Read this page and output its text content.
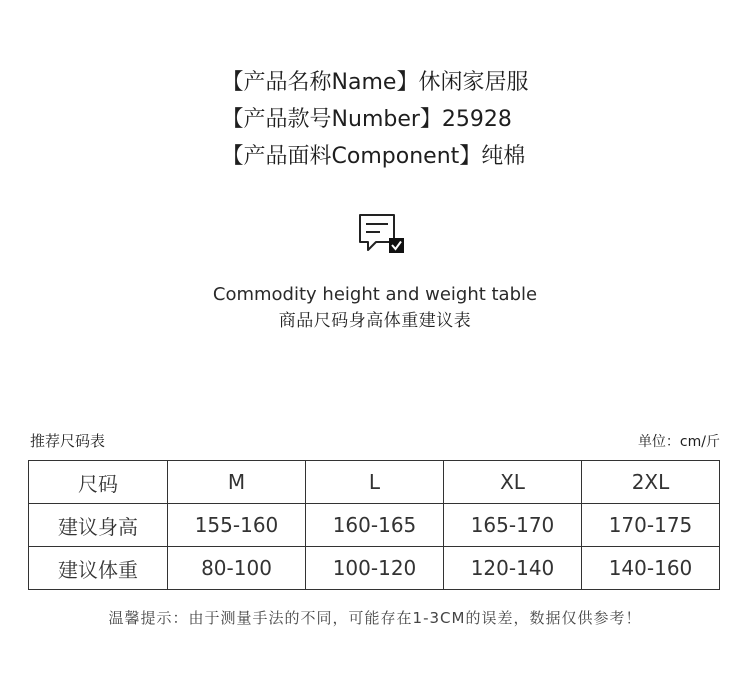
【产品名称Name】休闲家居服
【产品款号Number】25928
【产品面料Component】纯棉
Commodity height and weight table
商品尺码身高体重建议表
推荐尺码表	单位：cm/斤
尺码	M	L	XL	2XL
建议身高	155-160	160-165	165-170	170-175
建议体重	80-100	100-120	120-140	140-160
温馨提示：由于测量手法的不同，可能存在1-3CM的误差，数据仅供参考！
